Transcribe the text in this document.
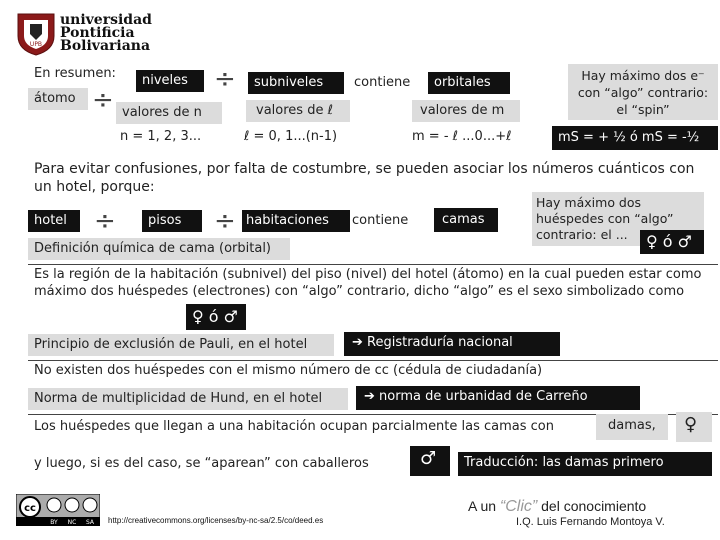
UPB
universidad
Pontificia
Bolivariana
En resumen:
átomo ÷
niveles
valores de n
÷	subniveles
valores de ℓ
contiene	orbitales
valores de m
Hay máximo dos e⁻ con “algo” contrario: el “spin”
n = 1, 2, 3...	ℓ = 0, 1...(n-1)	m = - ℓ ...0...+ℓ	mS = + ½ ó mS = -½
Para evitar confusiones, por falta de costumbre, se pueden asociar los números cuánticos con un hotel, porque:
hotel	÷	pisos	÷ habitaciones	contiene	camas
Hay máximo dos huéspedes con “algo” contrario: el ...	♀ ó ♂
Definición química de cama (orbital)
Es la región de la habitación (subnivel) del piso (nivel) del hotel (átomo) en la cual pueden estar como máximo dos huéspedes (electrones) con “algo” contrario, dicho “algo” es el sexo simbolizado como
♀ ó ♂
Principio de exclusión de Pauli, en el hotel	➔ Registraduría nacional
No existen dos huéspedes con el mismo número de cc (cédula de ciudadanía)
Norma de multiplicidad de Hund, en el hotel	➔ norma de urbanidad de Carreño
Los huéspedes que llegan a una habitación ocupan parcialmente las camas con	damas,	♀
y luego, si es del caso, se “aparean” con caballeros	♂	Traducción: las damas primero
cc
BY NC SA http://creativecommons.org/licenses/by-nc-sa/2.5/co/deed.es
A un “Clic” del conocimiento
I.Q. Luis Fernando Montoya V.
